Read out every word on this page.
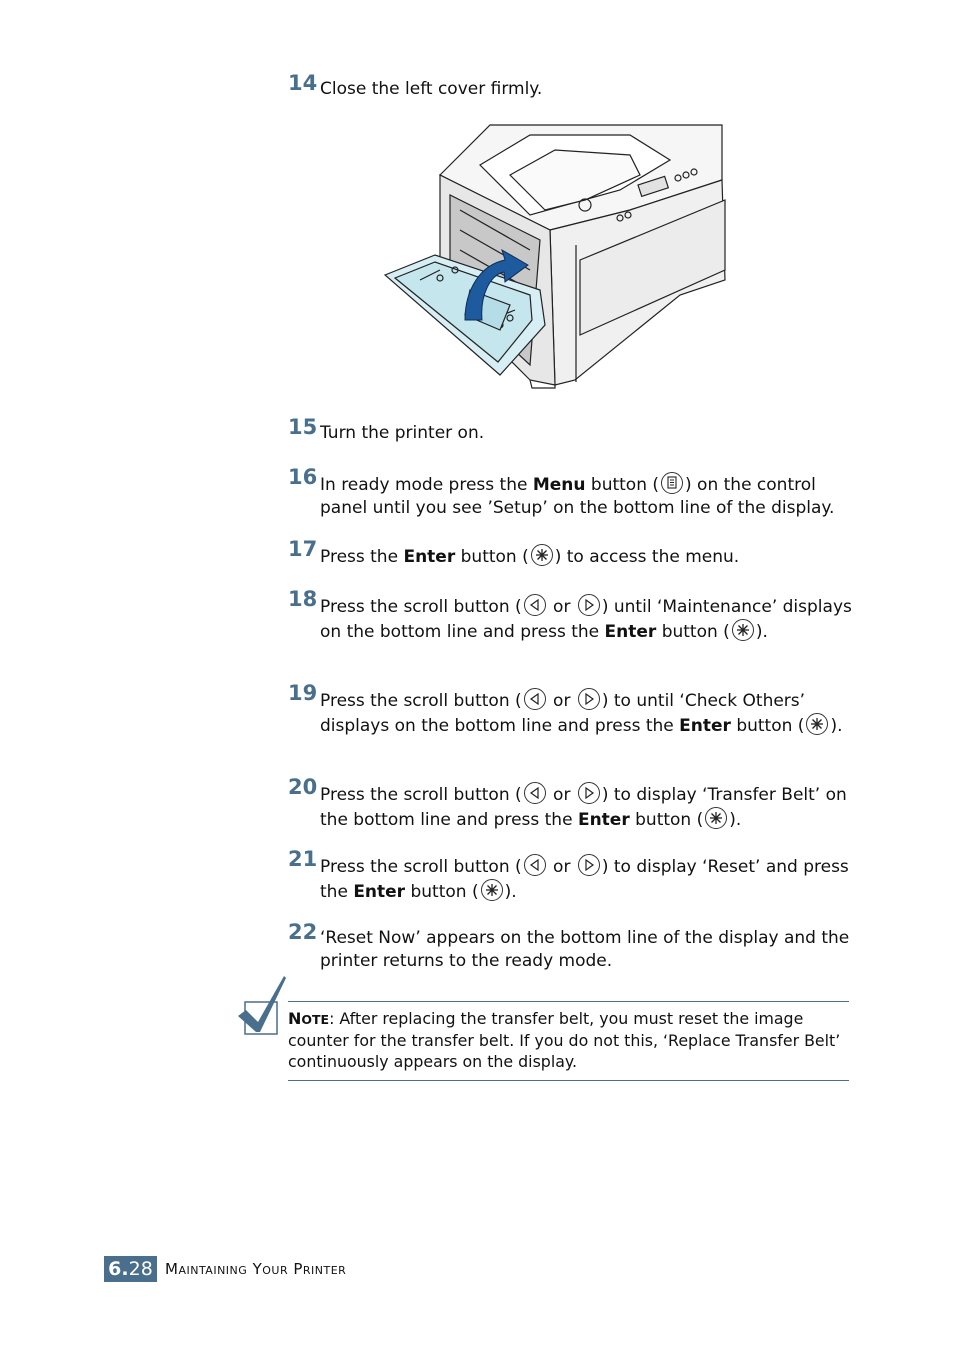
14 Close the left cover firmly.
15 Turn the printer on.
16 In ready mode press the Menu button ( ) on the control panel until you see ’Setup’ on the bottom line of the display.
17 Press the Enter button ( ) to access the menu.
18 Press the scroll button (
or
) until ‘Maintenance’ displays on the bottom line and press the Enter button ( ).
19 Press the scroll button (
or
) to until ‘Check Others’ displays on the bottom line and press the Enter button ( ).
20 Press the scroll button (
or
) to display ‘Transfer Belt’ on the bottom line and press the Enter button ( ).
21 Press the scroll button (
or
) to display ‘Reset’ and press the Enter button ( ).
22 ‘Reset Now’ appears on the bottom line of the display and the printer returns to the ready mode.
NOTE: After replacing the transfer belt, you must reset the image counter for the transfer belt. If you do not this, ‘Replace Transfer Belt’ continuously appears on the display.
6.28 Maintaining Your Printer
